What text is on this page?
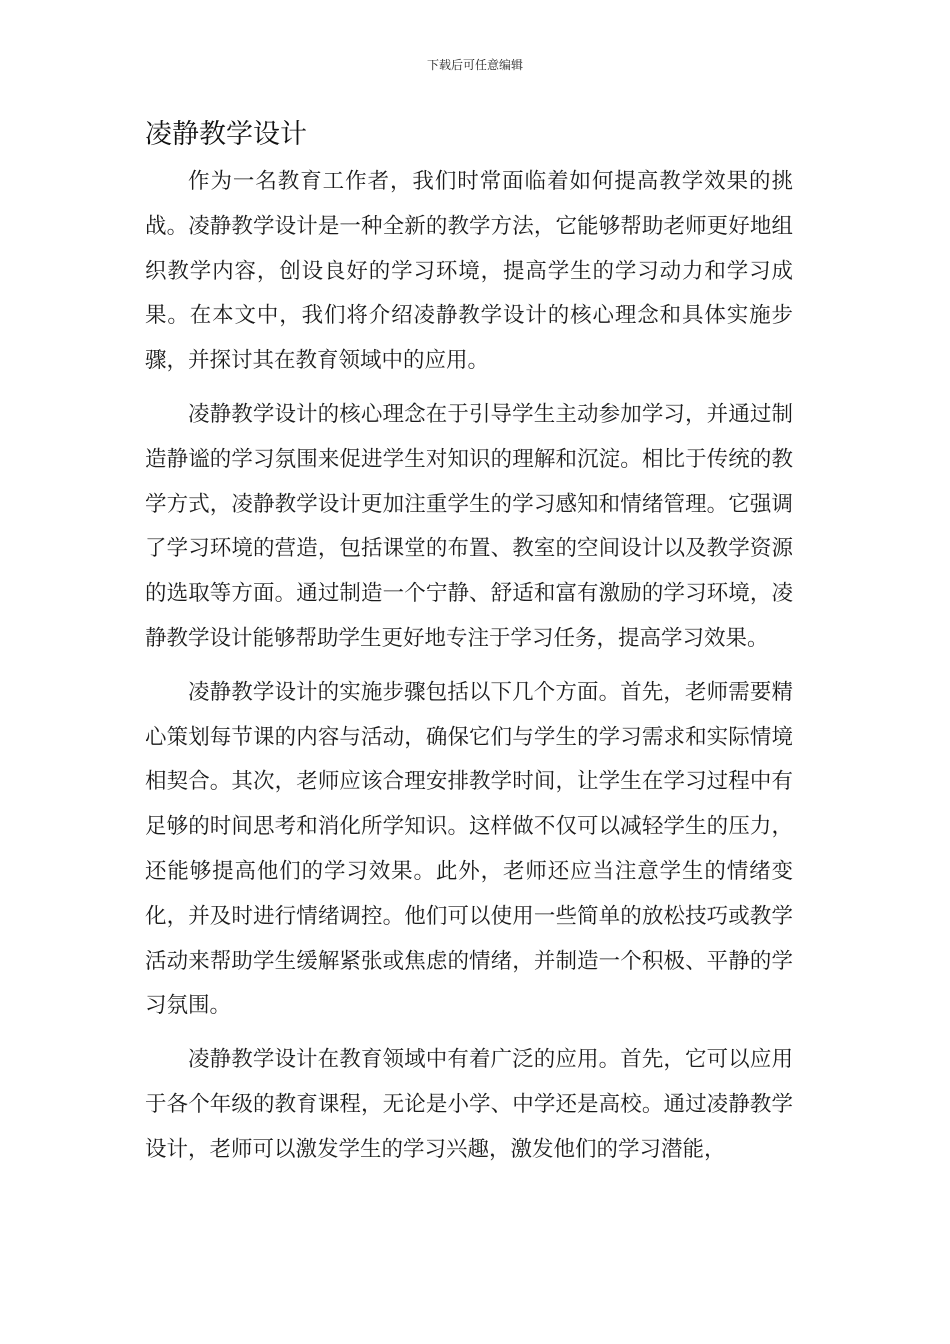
下载后可任意编辑
凌静教学设计

作为一名教育工作者，我们时常面临着如何提高教学效果的挑战。凌静教学设计是一种全新的教学方法，它能够帮助老师更好地组织教学内容，创设良好的学习环境，提高学生的学习动力和学习成果。在本文中，我们将介绍凌静教学设计的核心理念和具体实施步骤，并探讨其在教育领域中的应用。

凌静教学设计的核心理念在于引导学生主动参加学习，并通过制造静谧的学习氛围来促进学生对知识的理解和沉淀。相比于传统的教学方式，凌静教学设计更加注重学生的学习感知和情绪管理。它强调了学习环境的营造，包括课堂的布置、教室的空间设计以及教学资源的选取等方面。通过制造一个宁静、舒适和富有激励的学习环境，凌静教学设计能够帮助学生更好地专注于学习任务，提高学习效果。

凌静教学设计的实施步骤包括以下几个方面。首先，老师需要精心策划每节课的内容与活动，确保它们与学生的学习需求和实际情境相契合。其次，老师应该合理安排教学时间，让学生在学习过程中有足够的时间思考和消化所学知识。这样做不仅可以减轻学生的压力，还能够提高他们的学习效果。此外，老师还应当注意学生的情绪变化，并及时进行情绪调控。他们可以使用一些简单的放松技巧或教学活动来帮助学生缓解紧张或焦虑的情绪，并制造一个积极、平静的学习氛围。

凌静教学设计在教育领域中有着广泛的应用。首先，它可以应用于各个年级的教育课程，无论是小学、中学还是高校。通过凌静教学设计，老师可以激发学生的学习兴趣，激发他们的学习潜能，
